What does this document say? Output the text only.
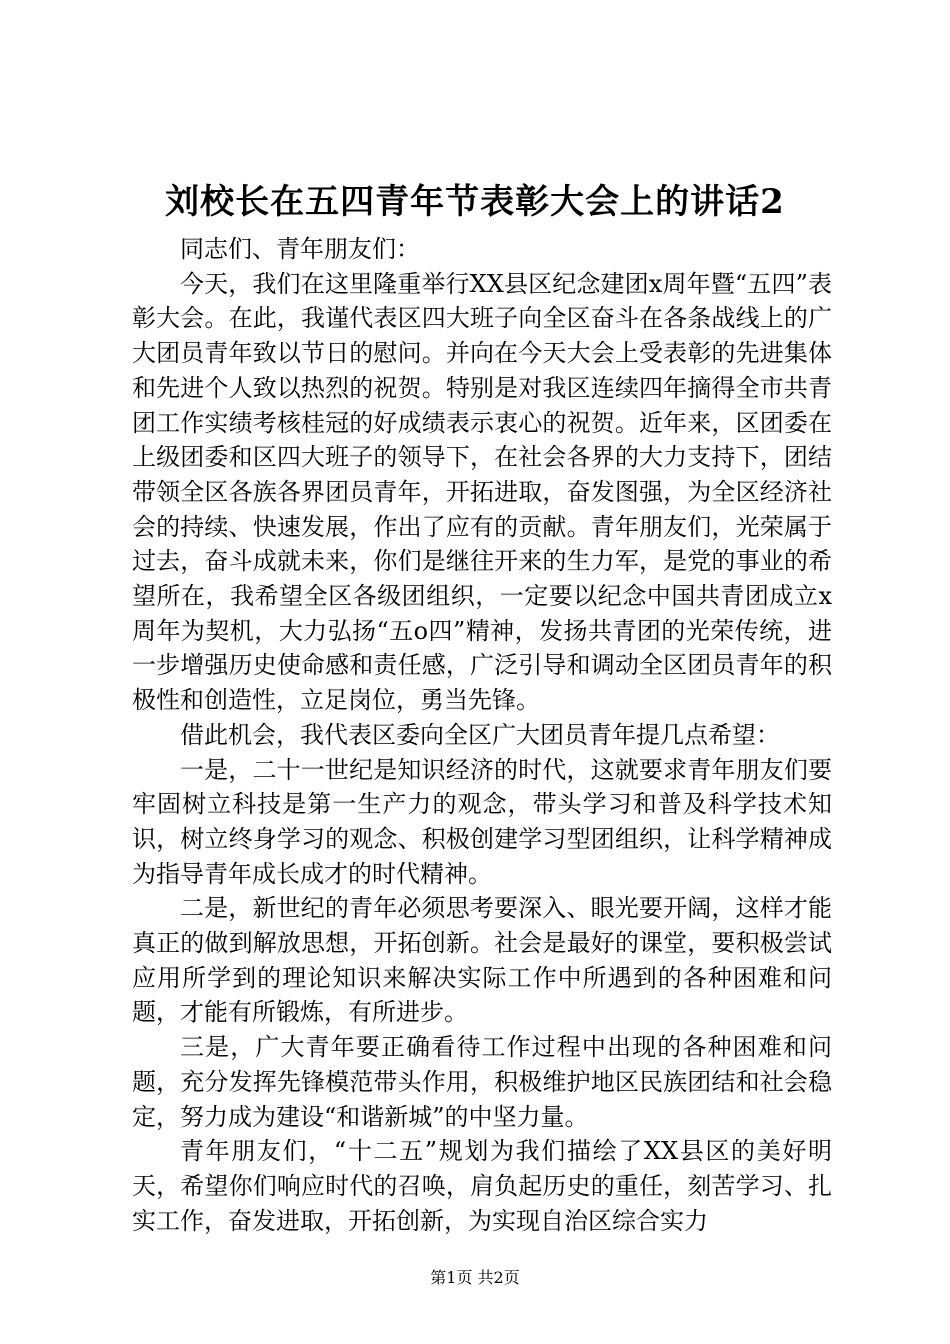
刘校长在五四青年节表彰大会上的讲话2

同志们、青年朋友们：

今天，我们在这里隆重举行XX县区纪念建团x周年暨“五四”表彰大会。在此，我谨代表区四大班子向全区奋斗在各条战线上的广大团员青年致以节日的慰问。并向在今天大会上受表彰的先进集体和先进个人致以热烈的祝贺。特别是对我区连续四年摘得全市共青团工作实绩考核桂冠的好成绩表示衷心的祝贺。近年来，区团委在上级团委和区四大班子的领导下，在社会各界的大力支持下，团结带领全区各族各界团员青年，开拓进取，奋发图强，为全区经济社会的持续、快速发展，作出了应有的贡献。青年朋友们，光荣属于过去，奋斗成就未来，你们是继往开来的生力军，是党的事业的希望所在，我希望全区各级团组织，一定要以纪念中国共青团成立x周年为契机，大力弘扬“五o四”精神，发扬共青团的光荣传统，进一步增强历史使命感和责任感，广泛引导和调动全区团员青年的积极性和创造性，立足岗位，勇当先锋。

借此机会，我代表区委向全区广大团员青年提几点希望：

一是，二十一世纪是知识经济的时代，这就要求青年朋友们要牢固树立科技是第一生产力的观念，带头学习和普及科学技术知识，树立终身学习的观念、积极创建学习型团组织，让科学精神成为指导青年成长成才的时代精神。

二是，新世纪的青年必须思考要深入、眼光要开阔，这样才能真正的做到解放思想，开拓创新。社会是最好的课堂，要积极尝试应用所学到的理论知识来解决实际工作中所遇到的各种困难和问题，才能有所锻炼，有所进步。

三是，广大青年要正确看待工作过程中出现的各种困难和问题，充分发挥先锋模范带头作用，积极维护地区民族团结和社会稳定，努力成为建设“和谐新城”的中坚力量。

青年朋友们，“十二五”规划为我们描绘了XX县区的美好明天，希望你们响应时代的召唤，肩负起历史的重任，刻苦学习、扎实工作，奋发进取，开拓创新，为实现自治区综合实力

第1页 共2页
